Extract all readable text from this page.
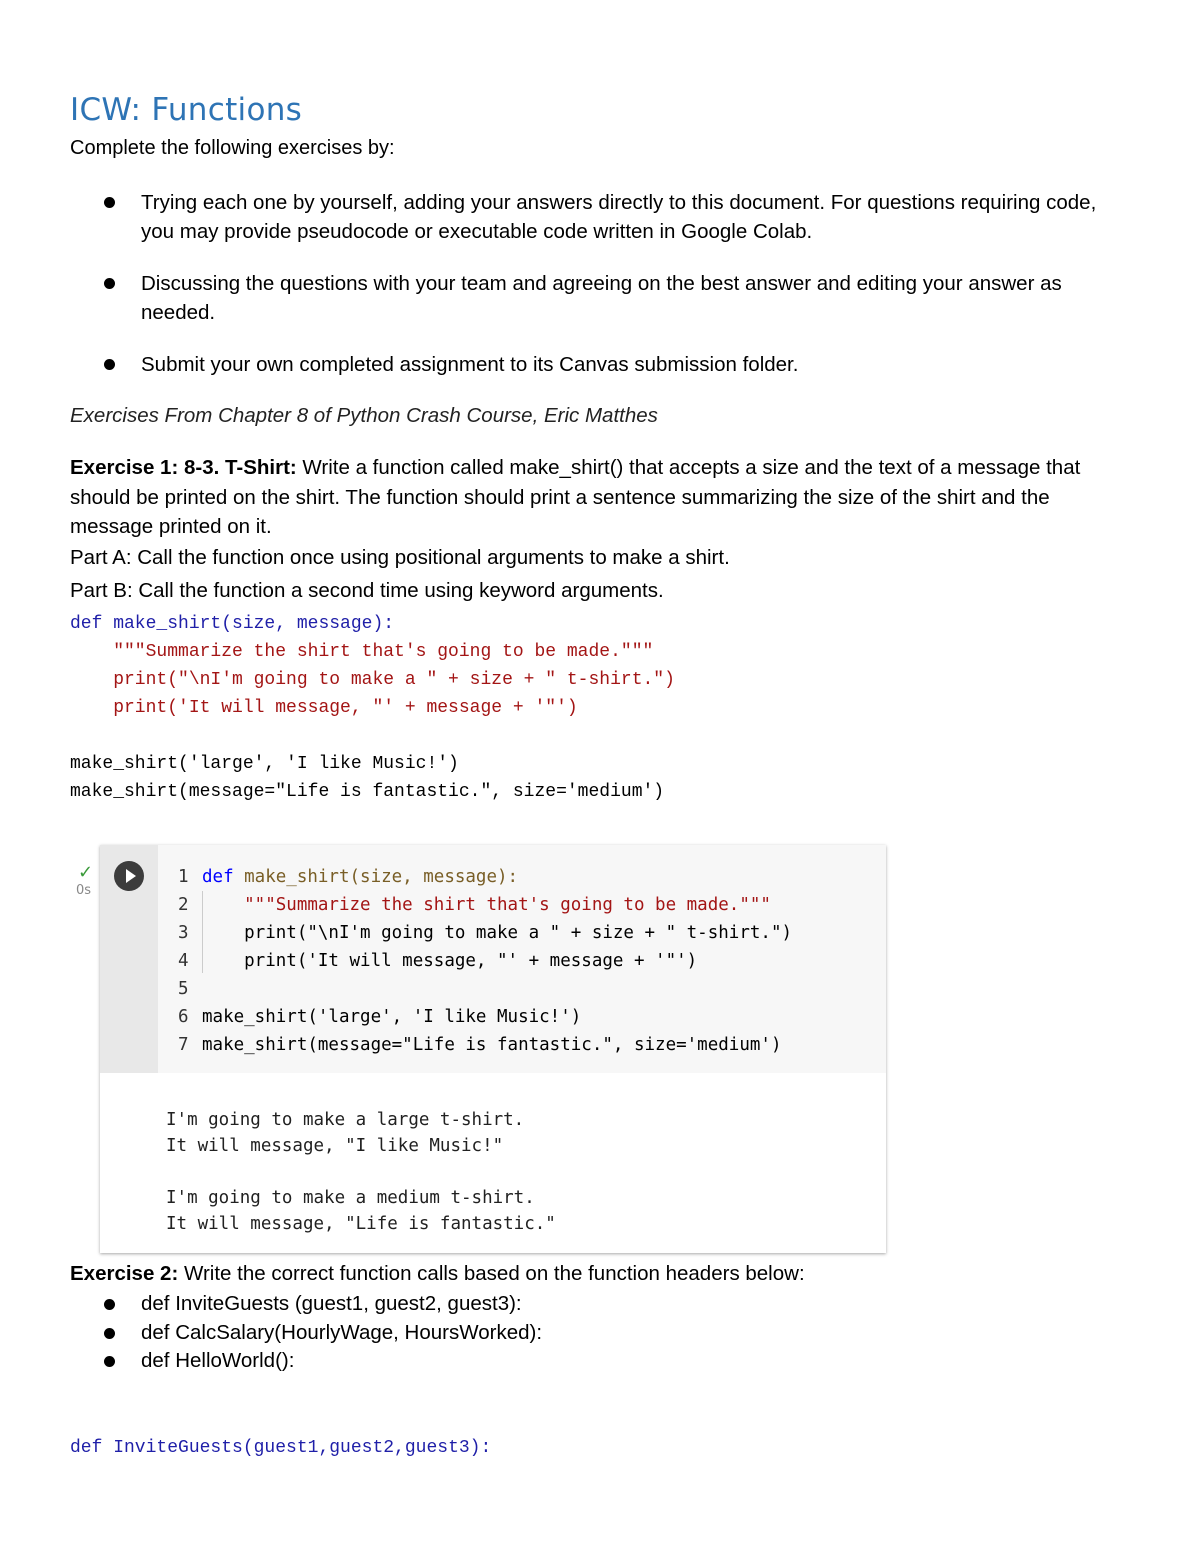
ICW: Functions
Complete the following exercises by:
Trying each one by yourself, adding your answers directly to this document. For questions requiring code, you may provide pseudocode or executable code written in Google Colab.
Discussing the questions with your team and agreeing on the best answer and editing your answer as needed.
Submit your own completed assignment to its Canvas submission folder.
Exercises From Chapter 8 of Python Crash Course, Eric Matthes
Exercise 1: 8-3. T-Shirt: Write a function called make_shirt() that accepts a size and the text of a message that should be printed on the shirt. The function should print a sentence summarizing the size of the shirt and the message printed on it.
Part A: Call the function once using positional arguments to make a shirt.
Part B: Call the function a second time using keyword arguments.
def make_shirt(size, message):
"""Summarize the shirt that's going to be made."""
print("\nI'm going to make a " + size + " t-shirt.")
print('It will message, "' + message + '"')

make_shirt('large', 'I like Music!')
make_shirt(message="Life is fantastic.", size='medium')
Exercise 2: Write the correct function calls based on the function headers below:
def InviteGuests (guest1, guest2, guest3):
def CalcSalary(HourlyWage, HoursWorked):
def HelloWorld():
def InviteGuests(guest1,guest2,guest3):
✓
0s
1
2
3
4
5
6
7
def make_shirt(size, message):
"""Summarize the shirt that's going to be made."""
print("\nI'm going to make a " + size + " t-shirt.")
print('It will message, "' + message + '"')

make_shirt('large', 'I like Music!')
make_shirt(message="Life is fantastic.", size='medium')
I'm going to make a large t-shirt.
It will message, "I like Music!"

I'm going to make a medium t-shirt.
It will message, "Life is fantastic."
